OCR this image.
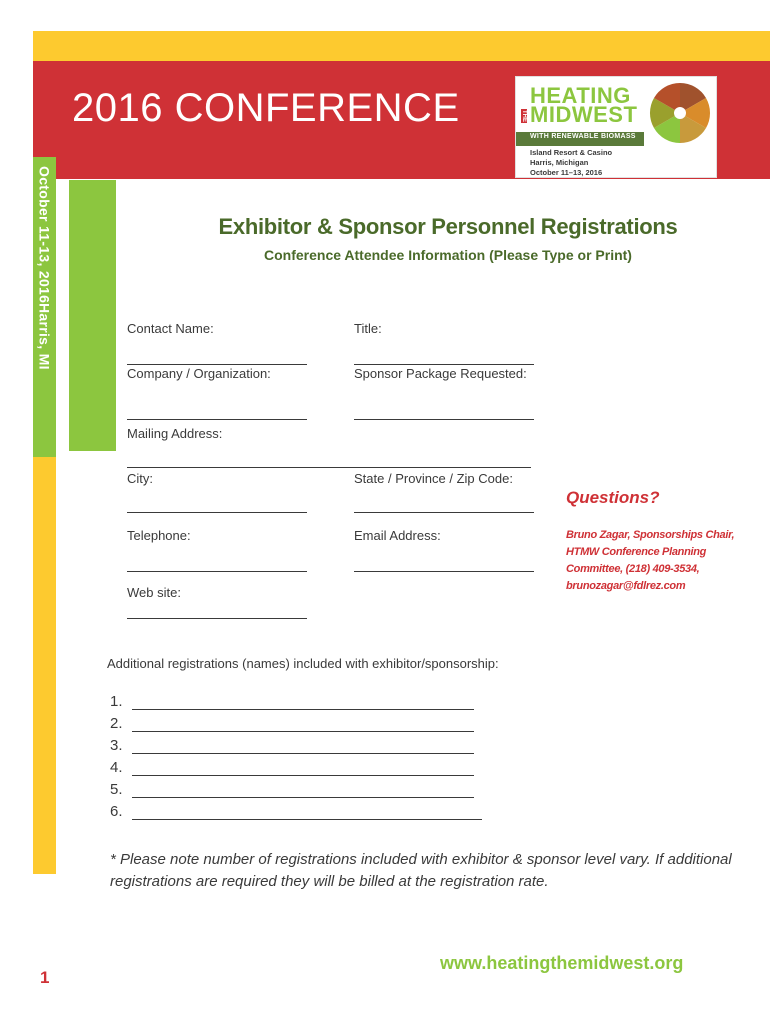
2016 CONFERENCE
October 11-13, 2016
Harris, MI
HEATING
THE MIDWEST
WITH RENEWABLE BIOMASS
Island Resort & Casino
Harris, Michigan
October 11–13, 2016
Exhibitor & Sponsor Personnel Registrations
Conference Attendee Information (Please Type or Print)
Contact Name:	Title:
Company / Organization:	Sponsor Package Requested:
Mailing Address:
City:	State / Province / Zip Code:
Telephone:	Email Address:
Web site:
Questions?
Bruno Zagar, Sponsorships Chair, HTMW Conference Planning Committee, (218) 409-3534, brunozagar@fdlrez.com
Additional registrations (names) included with exhibitor/sponsorship:
1.
2.
3.
4.
5.
6.
* Please note number of registrations included with exhibitor & sponsor level vary. If additional registrations are required they will be billed at the registration rate.
1
www.heatingthemidwest.org
